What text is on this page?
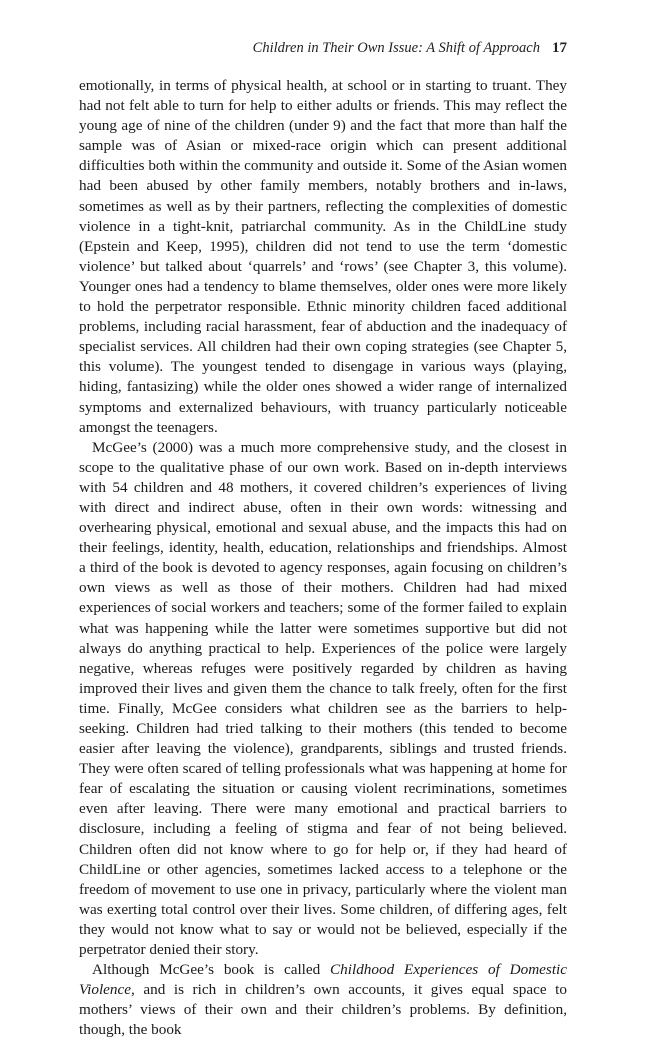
Children in Their Own Issue: A Shift of Approach 17

emotionally, in terms of physical health, at school or in starting to truant. They had not felt able to turn for help to either adults or friends. This may reflect the young age of nine of the children (under 9) and the fact that more than half the sample was of Asian or mixed-race origin which can present additional difficulties both within the community and outside it. Some of the Asian women had been abused by other family members, notably brothers and in-laws, sometimes as well as by their partners, reflecting the complexities of domestic violence in a tight-knit, patriarchal community. As in the ChildLine study (Epstein and Keep, 1995), children did not tend to use the term ‘domestic violence’ but talked about ‘quarrels’ and ‘rows’ (see Chapter 3, this volume). Younger ones had a tendency to blame themselves, older ones were more likely to hold the perpetrator responsible. Ethnic minority children faced additional problems, including racial harassment, fear of abduction and the inadequacy of specialist services. All children had their own coping strategies (see Chapter 5, this volume). The youngest tended to disengage in various ways (playing, hiding, fantasizing) while the older ones showed a wider range of internalized symptoms and externalized behaviours, with truancy particularly noticeable amongst the teenagers.

McGee’s (2000) was a much more comprehensive study, and the closest in scope to the qualitative phase of our own work. Based on in-depth interviews with 54 children and 48 mothers, it covered children’s experiences of living with direct and indirect abuse, often in their own words: witnessing and overhearing physical, emotional and sexual abuse, and the impacts this had on their feelings, identity, health, education, relationships and friendships. Almost a third of the book is devoted to agency responses, again focusing on children’s own views as well as those of their mothers. Children had had mixed experiences of social workers and teachers; some of the former failed to explain what was happening while the latter were sometimes supportive but did not always do anything practical to help. Experiences of the police were largely negative, whereas refuges were positively regarded by children as having improved their lives and given them the chance to talk freely, often for the first time. Finally, McGee considers what children see as the barriers to help-seeking. Children had tried talking to their mothers (this tended to become easier after leaving the violence), grandparents, siblings and trusted friends. They were often scared of telling professionals what was happening at home for fear of escalating the situation or causing violent recriminations, sometimes even after leaving. There were many emotional and practical barriers to disclosure, including a feeling of stigma and fear of not being believed. Children often did not know where to go for help or, if they had heard of ChildLine or other agencies, sometimes lacked access to a telephone or the freedom of movement to use one in privacy, particularly where the violent man was exerting total control over their lives. Some children, of differing ages, felt they would not know what to say or would not be believed, especially if the perpetrator denied their story.

Although McGee’s book is called Childhood Experiences of Domestic Violence, and is rich in children’s own accounts, it gives equal space to mothers’ views of their own and their children’s problems. By definition, though, the book
